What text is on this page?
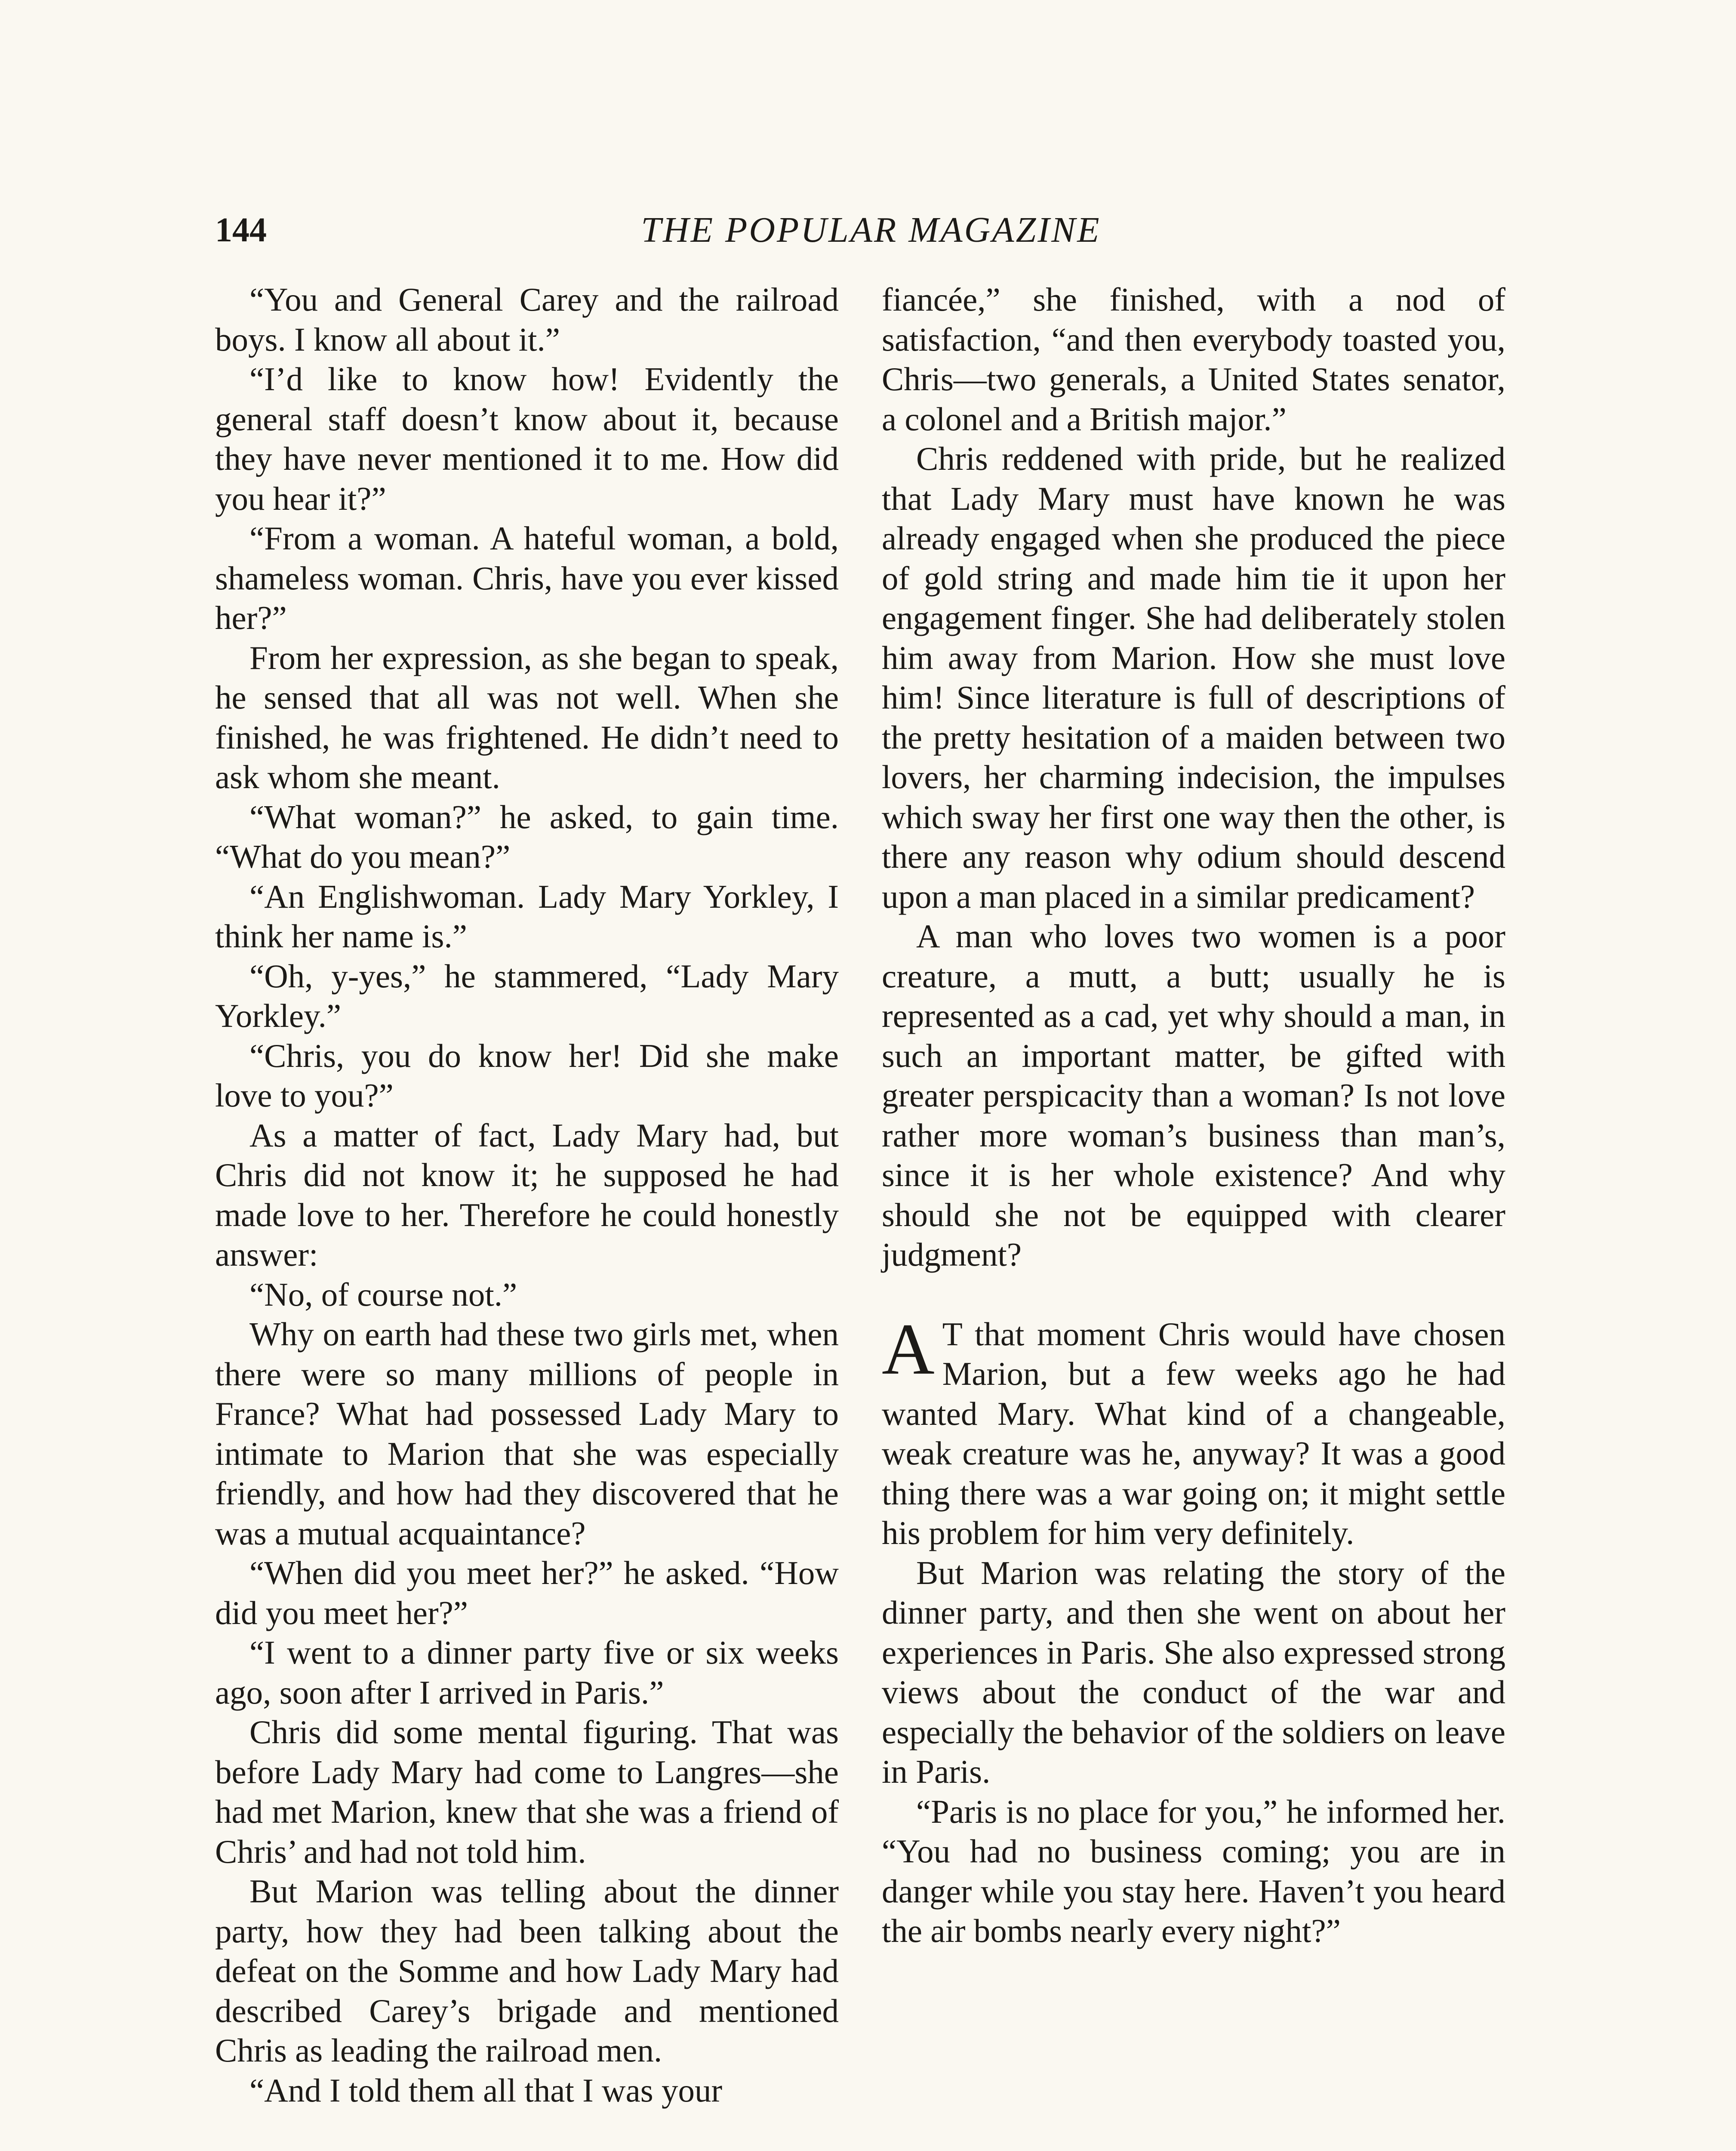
144	THE POPULAR MAGAZINE

“You and General Carey and the railroad boys. I know all about it.”

“I’d like to know how! Evidently the general staff doesn’t know about it, because they have never mentioned it to me. How did you hear it?”

“From a woman. A hateful woman, a bold, shameless woman. Chris, have you ever kissed her?”

From her expression, as she began to speak, he sensed that all was not well. When she finished, he was frightened. He didn’t need to ask whom she meant.

“What woman?” he asked, to gain time. “What do you mean?”

“An Englishwoman. Lady Mary Yorkley, I think her name is.”

“Oh, y-yes,” he stammered, “Lady Mary Yorkley.”

“Chris, you do know her! Did she make love to you?”

As a matter of fact, Lady Mary had, but Chris did not know it; he supposed he had made love to her. Therefore he could honestly answer:

“No, of course not.”

Why on earth had these two girls met, when there were so many millions of people in France? What had possessed Lady Mary to intimate to Marion that she was especially friendly, and how had they discovered that he was a mutual acquaintance?

“When did you meet her?” he asked. “How did you meet her?”

“I went to a dinner party five or six weeks ago, soon after I arrived in Paris.”

Chris did some mental figuring. That was before Lady Mary had come to Langres—she had met Marion, knew that she was a friend of Chris’ and had not told him.

But Marion was telling about the dinner party, how they had been talking about the defeat on the Somme and how Lady Mary had described Carey’s brigade and mentioned Chris as leading the railroad men.

“And I told them all that I was your

fiancée,” she finished, with a nod of satisfaction, “and then everybody toasted you, Chris—two generals, a United States senator, a colonel and a British major.”

Chris reddened with pride, but he realized that Lady Mary must have known he was already engaged when she produced the piece of gold string and made him tie it upon her engagement finger. She had deliberately stolen him away from Marion. How she must love him! Since literature is full of descriptions of the pretty hesitation of a maiden between two lovers, her charming indecision, the impulses which sway her first one way then the other, is there any reason why odium should descend upon a man placed in a similar predicament?

A man who loves two women is a poor creature, a mutt, a butt; usually he is represented as a cad, yet why should a man, in such an important matter, be gifted with greater perspicacity than a woman? Is not love rather more woman’s business than man’s, since it is her whole existence? And why should she not be equipped with clearer judgment?

A T that moment Chris would have chosen Marion, but a few weeks ago he had wanted Mary. What kind of a changeable, weak creature was he, anyway? It was a good thing there was a war going on; it might settle his problem for him very definitely.

But Marion was relating the story of the dinner party, and then she went on about her experiences in Paris. She also expressed strong views about the conduct of the war and especially the behavior of the soldiers on leave in Paris.

“Paris is no place for you,” he informed her. “You had no business coming; you are in danger while you stay here. Haven’t you heard the air bombs nearly every night?”
